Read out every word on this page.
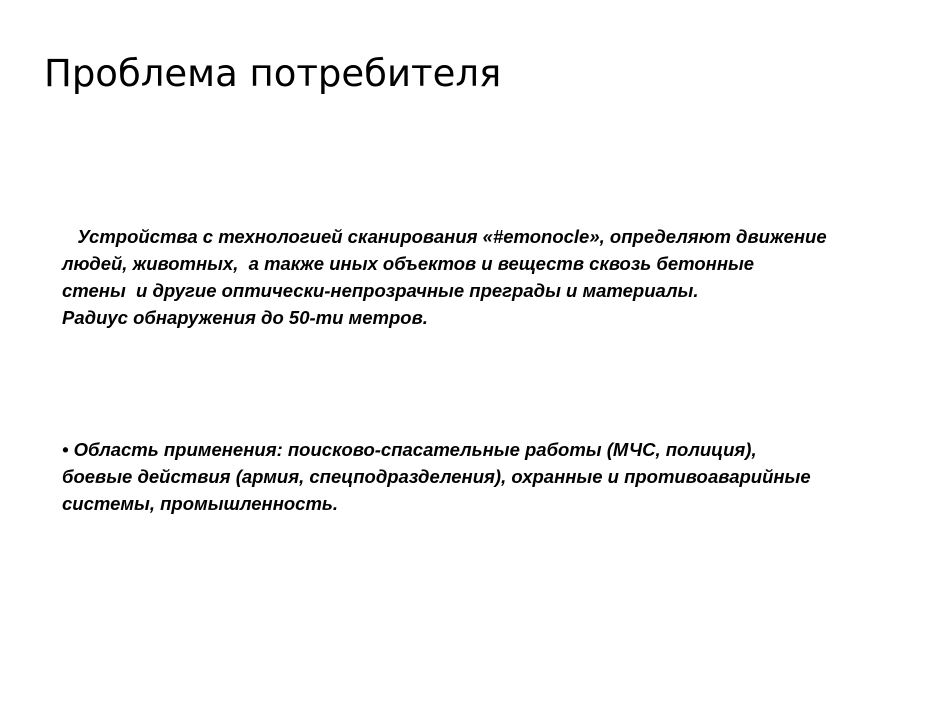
Проблема потребителя
Устройства с технологией сканирования «#етоnocle», определяют движение
людей, животных,  а также иных объектов и веществ сквозь бетонные
стены  и другие оптически-непрозрачные преграды и материалы.
Радиус обнаружения до 50-ти метров.
• Область применения: поисково-спасательные работы (МЧС, полиция),
боевые действия (армия, спецподразделения), охранные и противоаварийные
системы, промышленность.
